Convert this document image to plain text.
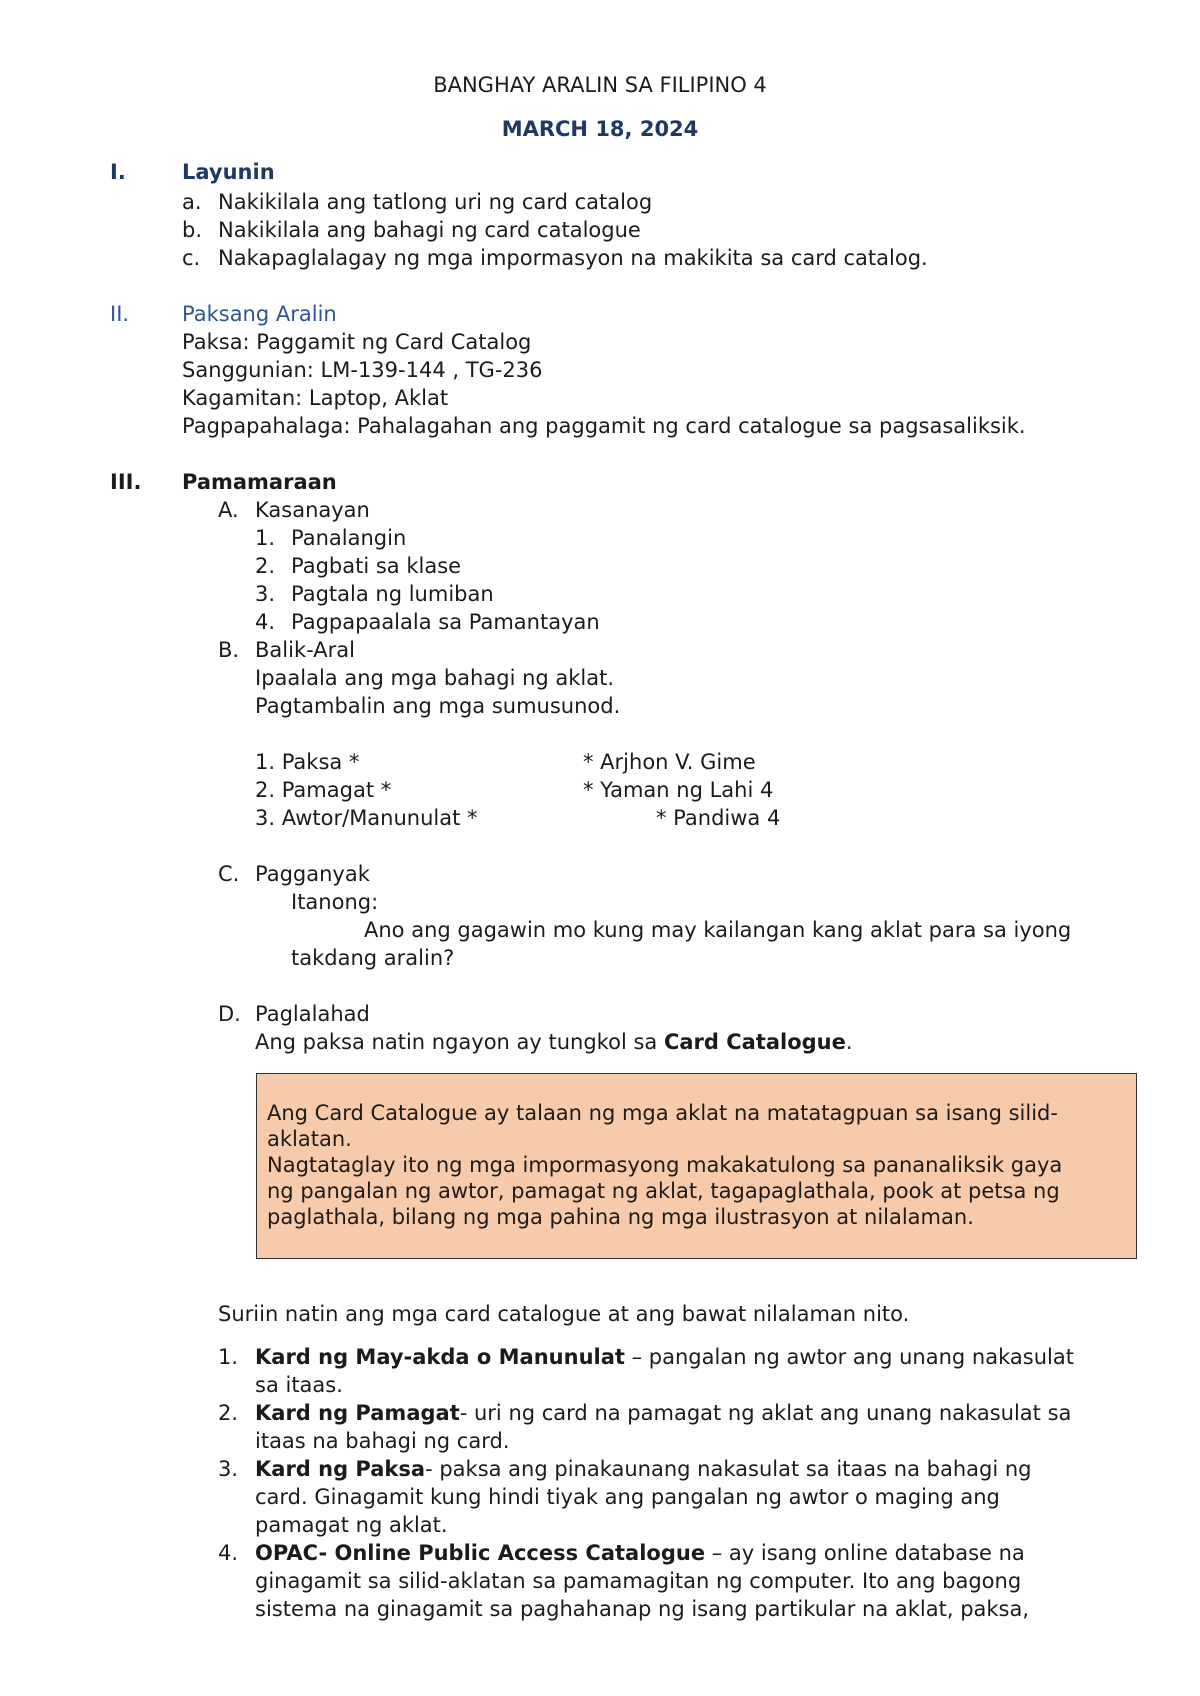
BANGHAY ARALIN SA FILIPINO 4
MARCH 18, 2024
I.	Layunin
a. Nakikilala ang tatlong uri ng card catalog
b. Nakikilala ang bahagi ng card catalogue
c. Nakapaglalagay ng mga impormasyon na makikita sa card catalog.
II.	Paksang Aralin
Paksa: Paggamit ng Card Catalog
Sanggunian: LM-139-144 , TG-236
Kagamitan: Laptop, Aklat
Pagpapahalaga: Pahalagahan ang paggamit ng card catalogue sa pagsasaliksik.
III. Pamamaraan
A. Kasanayan
1. Panalangin
2. Pagbati sa klase
3. Pagtala ng lumiban
4. Pagpapaalala sa Pamantayan
B. Balik-Aral
Ipaalala ang mga bahagi ng aklat.
Pagtambalin ang mga sumusunod.
1. Paksa *	* Arjhon V. Gime
2. Pamagat *	* Yaman ng Lahi 4
3. Awtor/Manunulat *	* Pandiwa 4
C. Pagganyak
Itanong:
Ano ang gagawin mo kung may kailangan kang aklat para sa iyong
takdang aralin?
D. Paglalahad
Ang paksa natin ngayon ay tungkol sa Card Catalogue.
Ang Card Catalogue ay talaan ng mga aklat na matatagpuan sa isang silid-
aklatan.
Nagtataglay ito ng mga impormasyong makakatulong sa pananaliksik gaya
ng pangalan ng awtor, pamagat ng aklat, tagapaglathala, pook at petsa ng
paglathala, bilang ng mga pahina ng mga ilustrasyon at nilalaman.
Suriin natin ang mga card catalogue at ang bawat nilalaman nito.
1. Kard ng May-akda o Manunulat – pangalan ng awtor ang unang nakasulat
sa itaas.
2. Kard ng Pamagat- uri ng card na pamagat ng aklat ang unang nakasulat sa
itaas na bahagi ng card.
3. Kard ng Paksa- paksa ang pinakaunang nakasulat sa itaas na bahagi ng
card. Ginagamit kung hindi tiyak ang pangalan ng awtor o maging ang
pamagat ng aklat.
4. OPAC- Online Public Access Catalogue – ay isang online database na
ginagamit sa silid-aklatan sa pamamagitan ng computer. Ito ang bagong
sistema na ginagamit sa paghahanap ng isang partikular na aklat, paksa,
